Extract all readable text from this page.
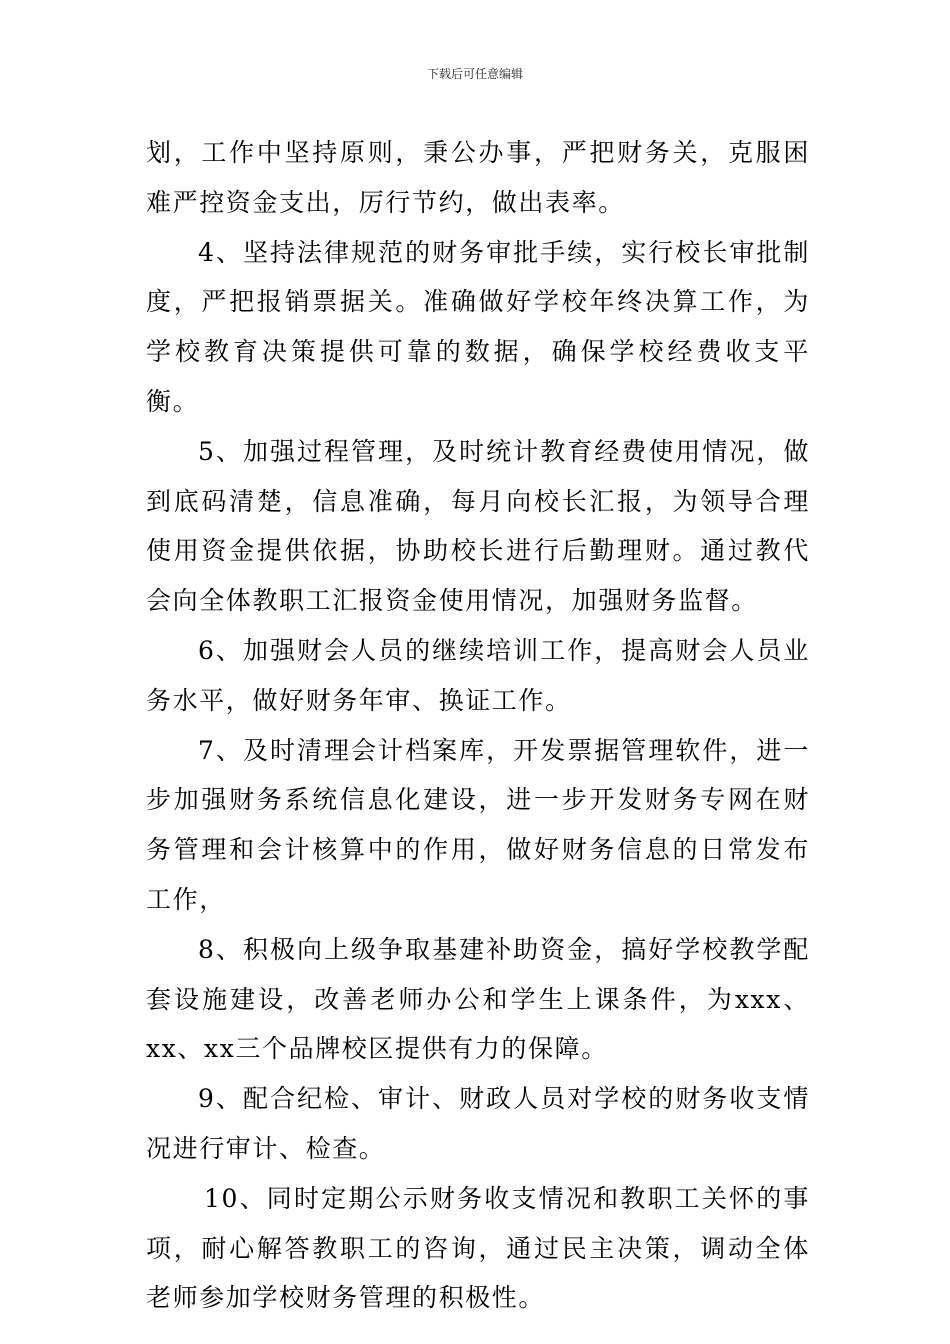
下载后可任意编辑

划，工作中坚持原则，秉公办事，严把财务关，克服困难严控资金支出，厉行节约，做出表率。

4、坚持法律规范的财务审批手续，实行校长审批制度，严把报销票据关。准确做好学校年终决算工作，为学校教育决策提供可靠的数据，确保学校经费收支平衡。

5、加强过程管理，及时统计教育经费使用情况，做到底码清楚，信息准确，每月向校长汇报，为领导合理使用资金提供依据，协助校长进行后勤理财。通过教代会向全体教职工汇报资金使用情况，加强财务监督。

6、加强财会人员的继续培训工作，提高财会人员业务水平，做好财务年审、换证工作。

7、及时清理会计档案库，开发票据管理软件，进一步加强财务系统信息化建设，进一步开发财务专网在财务管理和会计核算中的作用，做好财务信息的日常发布工作，

8、积极向上级争取基建补助资金，搞好学校教学配套设施建设，改善老师办公和学生上课条件，为xxx、xx、xx三个品牌校区提供有力的保障。

9、配合纪检、审计、财政人员对学校的财务收支情况进行审计、检查。

10、同时定期公示财务收支情况和教职工关怀的事项，耐心解答教职工的咨询，通过民主决策，调动全体老师参加学校财务管理的积极性。
